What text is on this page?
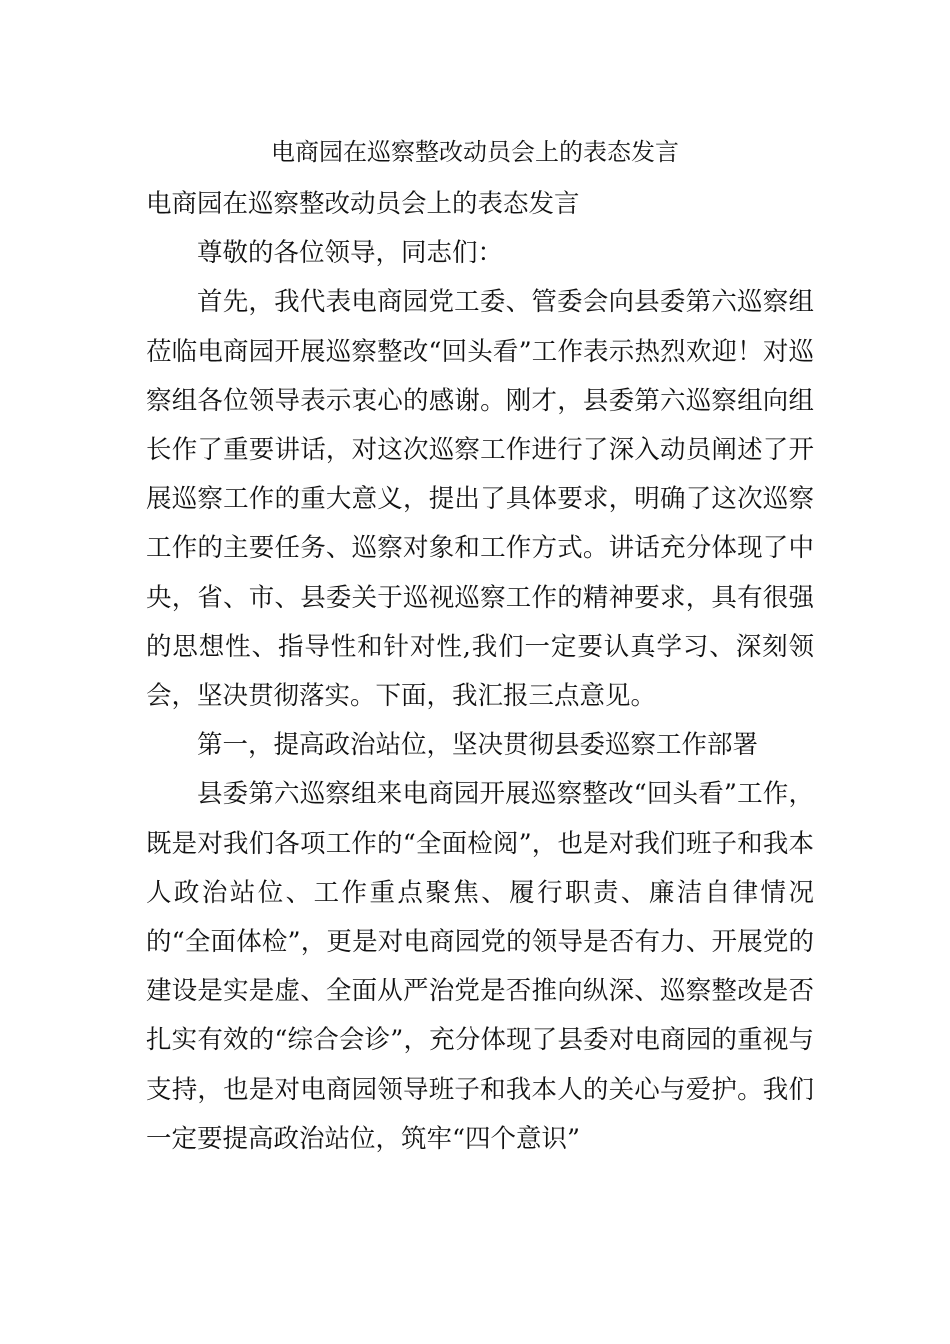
电商园在巡察整改动员会上的表态发言

电商园在巡察整改动员会上的表态发言

尊敬的各位领导，同志们：

首先，我代表电商园党工委、管委会向县委第六巡察组莅临电商园开展巡察整改“回头看”工作表示热烈欢迎！对巡察组各位领导表示衷心的感谢。刚才，县委第六巡察组向组长作了重要讲话，对这次巡察工作进行了深入动员阐述了开展巡察工作的重大意义，提出了具体要求，明确了这次巡察工作的主要任务、巡察对象和工作方式。讲话充分体现了中央，省、市、县委关于巡视巡察工作的精神要求，具有很强的思想性、指导性和针对性,我们一定要认真学习、深刻领会，坚决贯彻落实。下面，我汇报三点意见。

第一，提高政治站位，坚决贯彻县委巡察工作部署

县委第六巡察组来电商园开展巡察整改“回头看”工作，既是对我们各项工作的“全面检阅”，也是对我们班子和我本人政治站位、工作重点聚焦、履行职责、廉洁自律情况的“全面体检”，更是对电商园党的领导是否有力、开展党的建设是实是虚、全面从严治党是否推向纵深、巡察整改是否扎实有效的“综合会诊”，充分体现了县委对电商园的重视与支持，也是对电商园领导班子和我本人的关心与爱护。我们一定要提高政治站位，筑牢“四个意识”
